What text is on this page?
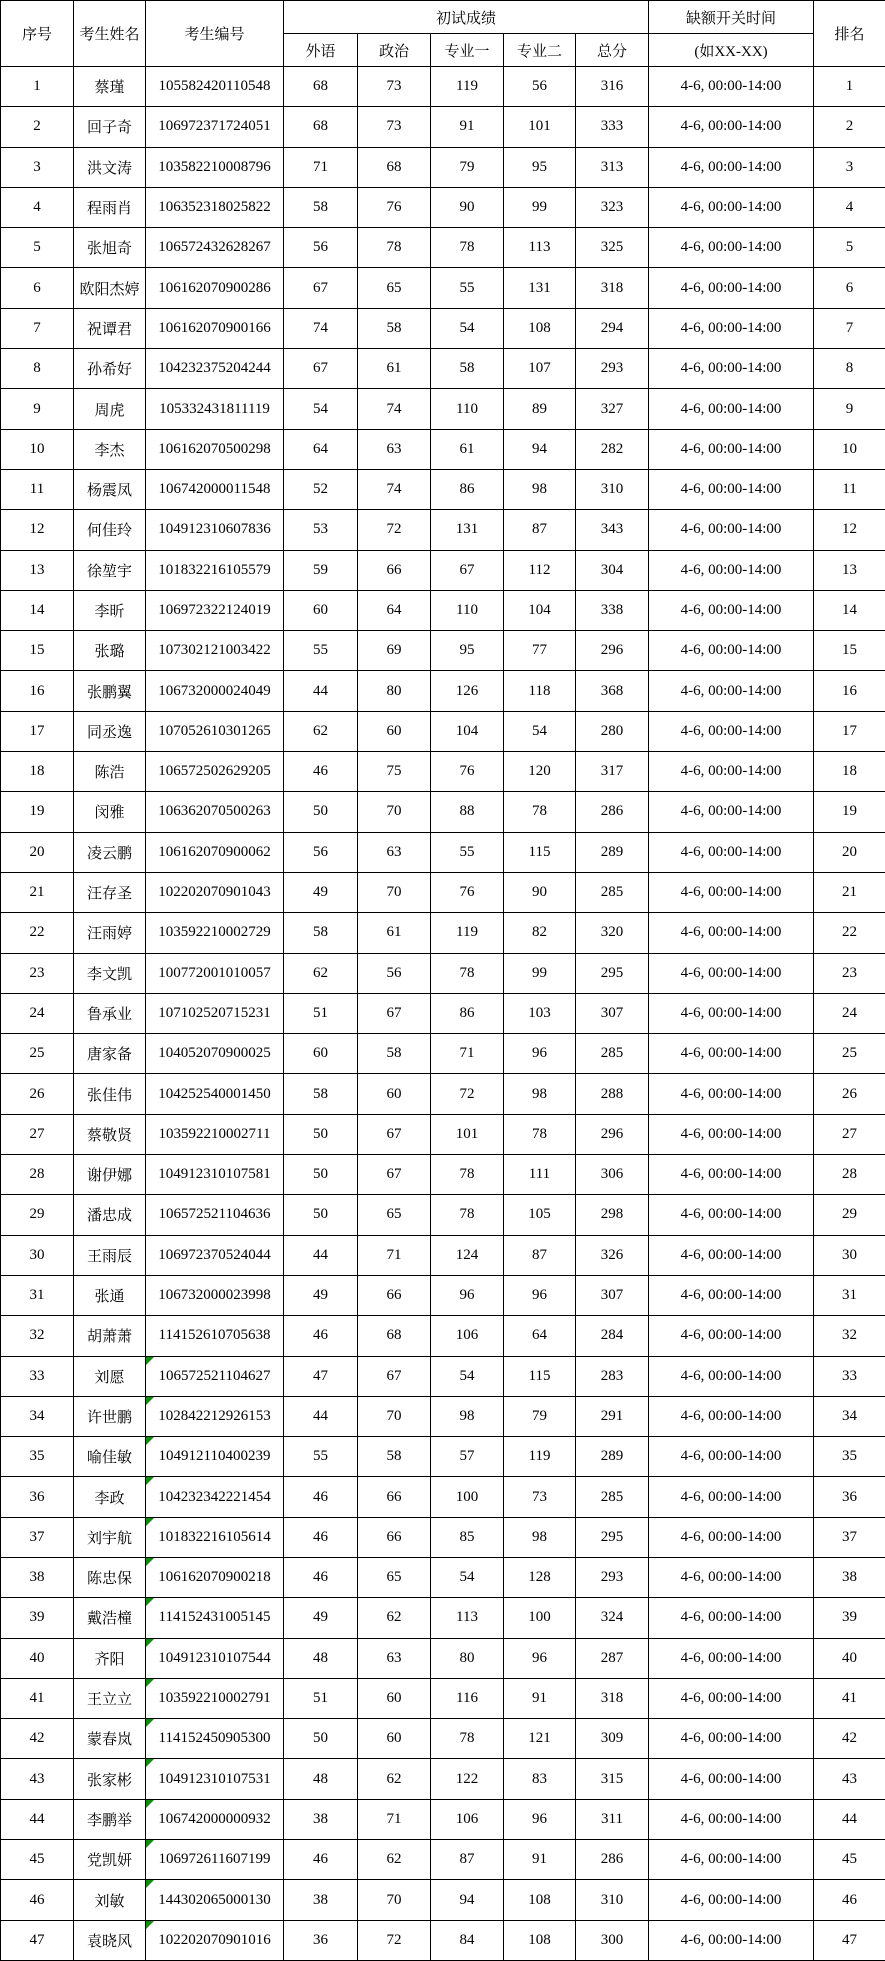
序号	考生姓名	考生编号	初试成绩					缺额开关时间	排名
			外语	政治	专业一	专业二	总分	(如XX-XX)	
1	蔡瑾	105582420110548	68	73	119	56	316	4-6, 00:00-14:00	1
2	回子奇	106972371724051	68	73	91	101	333	4-6, 00:00-14:00	2
3	洪文涛	103582210008796	71	68	79	95	313	4-6, 00:00-14:00	3
4	程雨肖	106352318025822	58	76	90	99	323	4-6, 00:00-14:00	4
5	张旭奇	106572432628267	56	78	78	113	325	4-6, 00:00-14:00	5
6	欧阳杰婷	106162070900286	67	65	55	131	318	4-6, 00:00-14:00	6
7	祝谭君	106162070900166	74	58	54	108	294	4-6, 00:00-14:00	7
8	孙希好	104232375204244	67	61	58	107	293	4-6, 00:00-14:00	8
9	周虎	105332431811119	54	74	110	89	327	4-6, 00:00-14:00	9
10	李杰	106162070500298	64	63	61	94	282	4-6, 00:00-14:00	10
11	杨震凤	106742000011548	52	74	86	98	310	4-6, 00:00-14:00	11
12	何佳玲	104912310607836	53	72	131	87	343	4-6, 00:00-14:00	12
13	徐堃宇	101832216105579	59	66	67	112	304	4-6, 00:00-14:00	13
14	李昕	106972322124019	60	64	110	104	338	4-6, 00:00-14:00	14
15	张璐	107302121003422	55	69	95	77	296	4-6, 00:00-14:00	15
16	张鹏翼	106732000024049	44	80	126	118	368	4-6, 00:00-14:00	16
17	同丞逸	107052610301265	62	60	104	54	280	4-6, 00:00-14:00	17
18	陈浩	106572502629205	46	75	76	120	317	4-6, 00:00-14:00	18
19	闵雅	106362070500263	50	70	88	78	286	4-6, 00:00-14:00	19
20	凌云鹏	106162070900062	56	63	55	115	289	4-6, 00:00-14:00	20
21	汪存圣	102202070901043	49	70	76	90	285	4-6, 00:00-14:00	21
22	汪雨婷	103592210002729	58	61	119	82	320	4-6, 00:00-14:00	22
23	李文凯	100772001010057	62	56	78	99	295	4-6, 00:00-14:00	23
24	鲁承业	107102520715231	51	67	86	103	307	4-6, 00:00-14:00	24
25	唐家备	104052070900025	60	58	71	96	285	4-6, 00:00-14:00	25
26	张佳伟	104252540001450	58	60	72	98	288	4-6, 00:00-14:00	26
27	蔡敬贤	103592210002711	50	67	101	78	296	4-6, 00:00-14:00	27
28	谢伊娜	104912310107581	50	67	78	111	306	4-6, 00:00-14:00	28
29	潘忠成	106572521104636	50	65	78	105	298	4-6, 00:00-14:00	29
30	王雨辰	106972370524044	44	71	124	87	326	4-6, 00:00-14:00	30
31	张通	106732000023998	49	66	96	96	307	4-6, 00:00-14:00	31
32	胡萧萧	114152610705638	46	68	106	64	284	4-6, 00:00-14:00	32
33	刘愿	106572521104627	47	67	54	115	283	4-6, 00:00-14:00	33
34	许世鹏	102842212926153	44	70	98	79	291	4-6, 00:00-14:00	34
35	喻佳敏	104912110400239	55	58	57	119	289	4-6, 00:00-14:00	35
36	李政	104232342221454	46	66	100	73	285	4-6, 00:00-14:00	36
37	刘宇航	101832216105614	46	66	85	98	295	4-6, 00:00-14:00	37
38	陈忠保	106162070900218	46	65	54	128	293	4-6, 00:00-14:00	38
39	戴浩橦	114152431005145	49	62	113	100	324	4-6, 00:00-14:00	39
40	齐阳	104912310107544	48	63	80	96	287	4-6, 00:00-14:00	40
41	王立立	103592210002791	51	60	116	91	318	4-6, 00:00-14:00	41
42	蒙春岚	114152450905300	50	60	78	121	309	4-6, 00:00-14:00	42
43	张家彬	104912310107531	48	62	122	83	315	4-6, 00:00-14:00	43
44	李鹏举	106742000000932	38	71	106	96	311	4-6, 00:00-14:00	44
45	党凯妍	106972611607199	46	62	87	91	286	4-6, 00:00-14:00	45
46	刘敏	144302065000130	38	70	94	108	310	4-6, 00:00-14:00	46
47	袁晓风	102202070901016	36	72	84	108	300	4-6, 00:00-14:00	47
